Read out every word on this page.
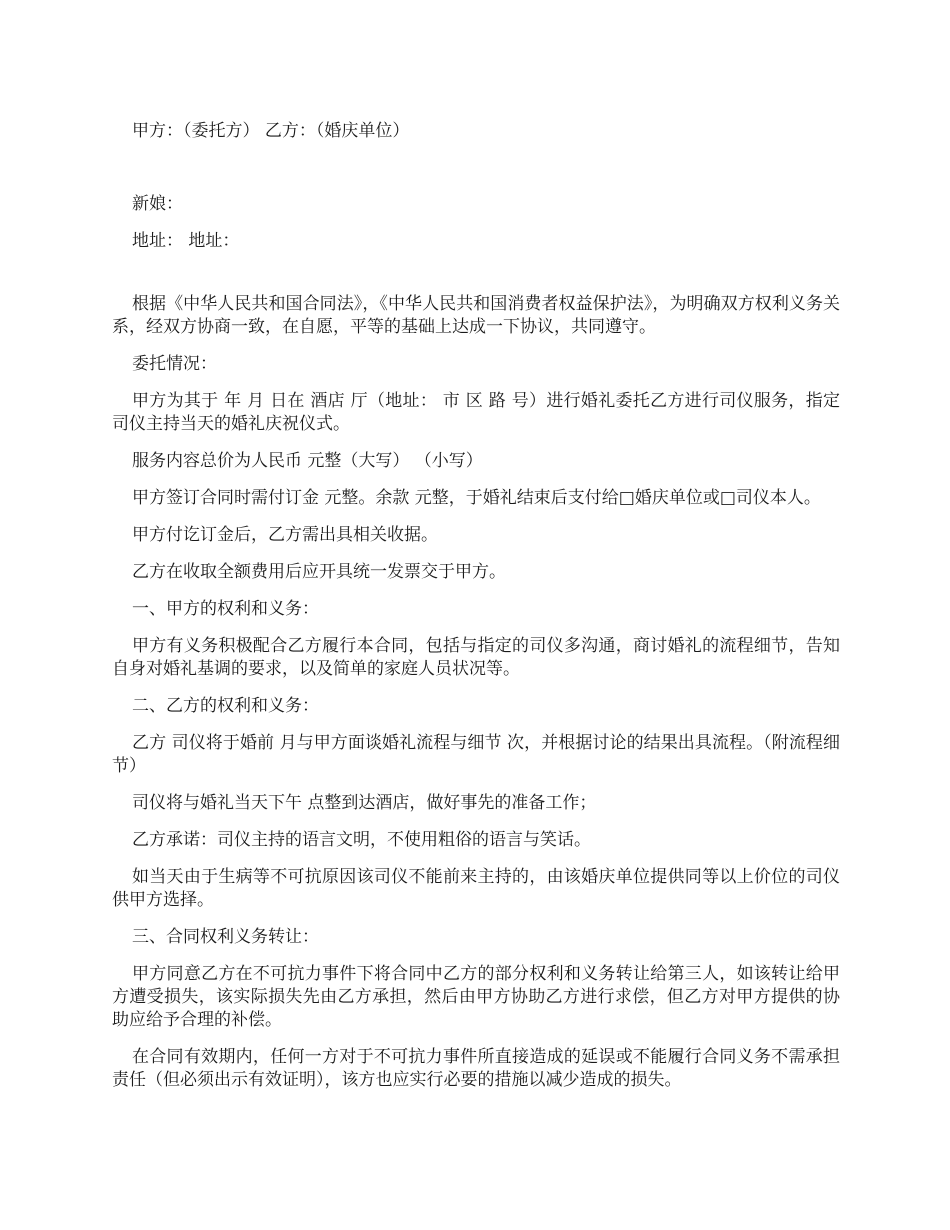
甲方：（委托方） 乙方：（婚庆单位）

新娘：

地址： 地址：

根据《中华人民共和国合同法》，《中华人民共和国消费者权益保护法》，为明确双方权利义务关系，经双方协商一致，在自愿，平等的基础上达成一下协议，共同遵守。

委托情况：

甲方为其于 年 月 日在 酒店 厅（地址： 市 区 路 号）进行婚礼委托乙方进行司仪服务，指定 司仪主持当天的婚礼庆祝仪式。

服务内容总价为人民币 元整（大写） （小写）

甲方签订合同时需付订金 元整。余款 元整，于婚礼结束后支付给□婚庆单位或□司仪本人。

甲方付讫订金后，乙方需出具相关收据。

乙方在收取全额费用后应开具统一发票交于甲方。

一、甲方的权利和义务：

甲方有义务积极配合乙方履行本合同，包括与指定的司仪多沟通，商讨婚礼的流程细节，告知自身对婚礼基调的要求，以及简单的家庭人员状况等。

二、乙方的权利和义务：

乙方 司仪将于婚前 月与甲方面谈婚礼流程与细节 次，并根据讨论的结果出具流程。（附流程细节）

司仪将与婚礼当天下午 点整到达酒店，做好事先的准备工作；

乙方承诺：司仪主持的语言文明，不使用粗俗的语言与笑话。

如当天由于生病等不可抗原因该司仪不能前来主持的，由该婚庆单位提供同等以上价位的司仪供甲方选择。

三、合同权利义务转让：

甲方同意乙方在不可抗力事件下将合同中乙方的部分权利和义务转让给第三人，如该转让给甲方遭受损失，该实际损失先由乙方承担，然后由甲方协助乙方进行求偿，但乙方对甲方提供的协助应给予合理的补偿。

在合同有效期内，任何一方对于不可抗力事件所直接造成的延误或不能履行合同义务不需承担责任（但必须出示有效证明），该方也应实行必要的措施以减少造成的损失。
